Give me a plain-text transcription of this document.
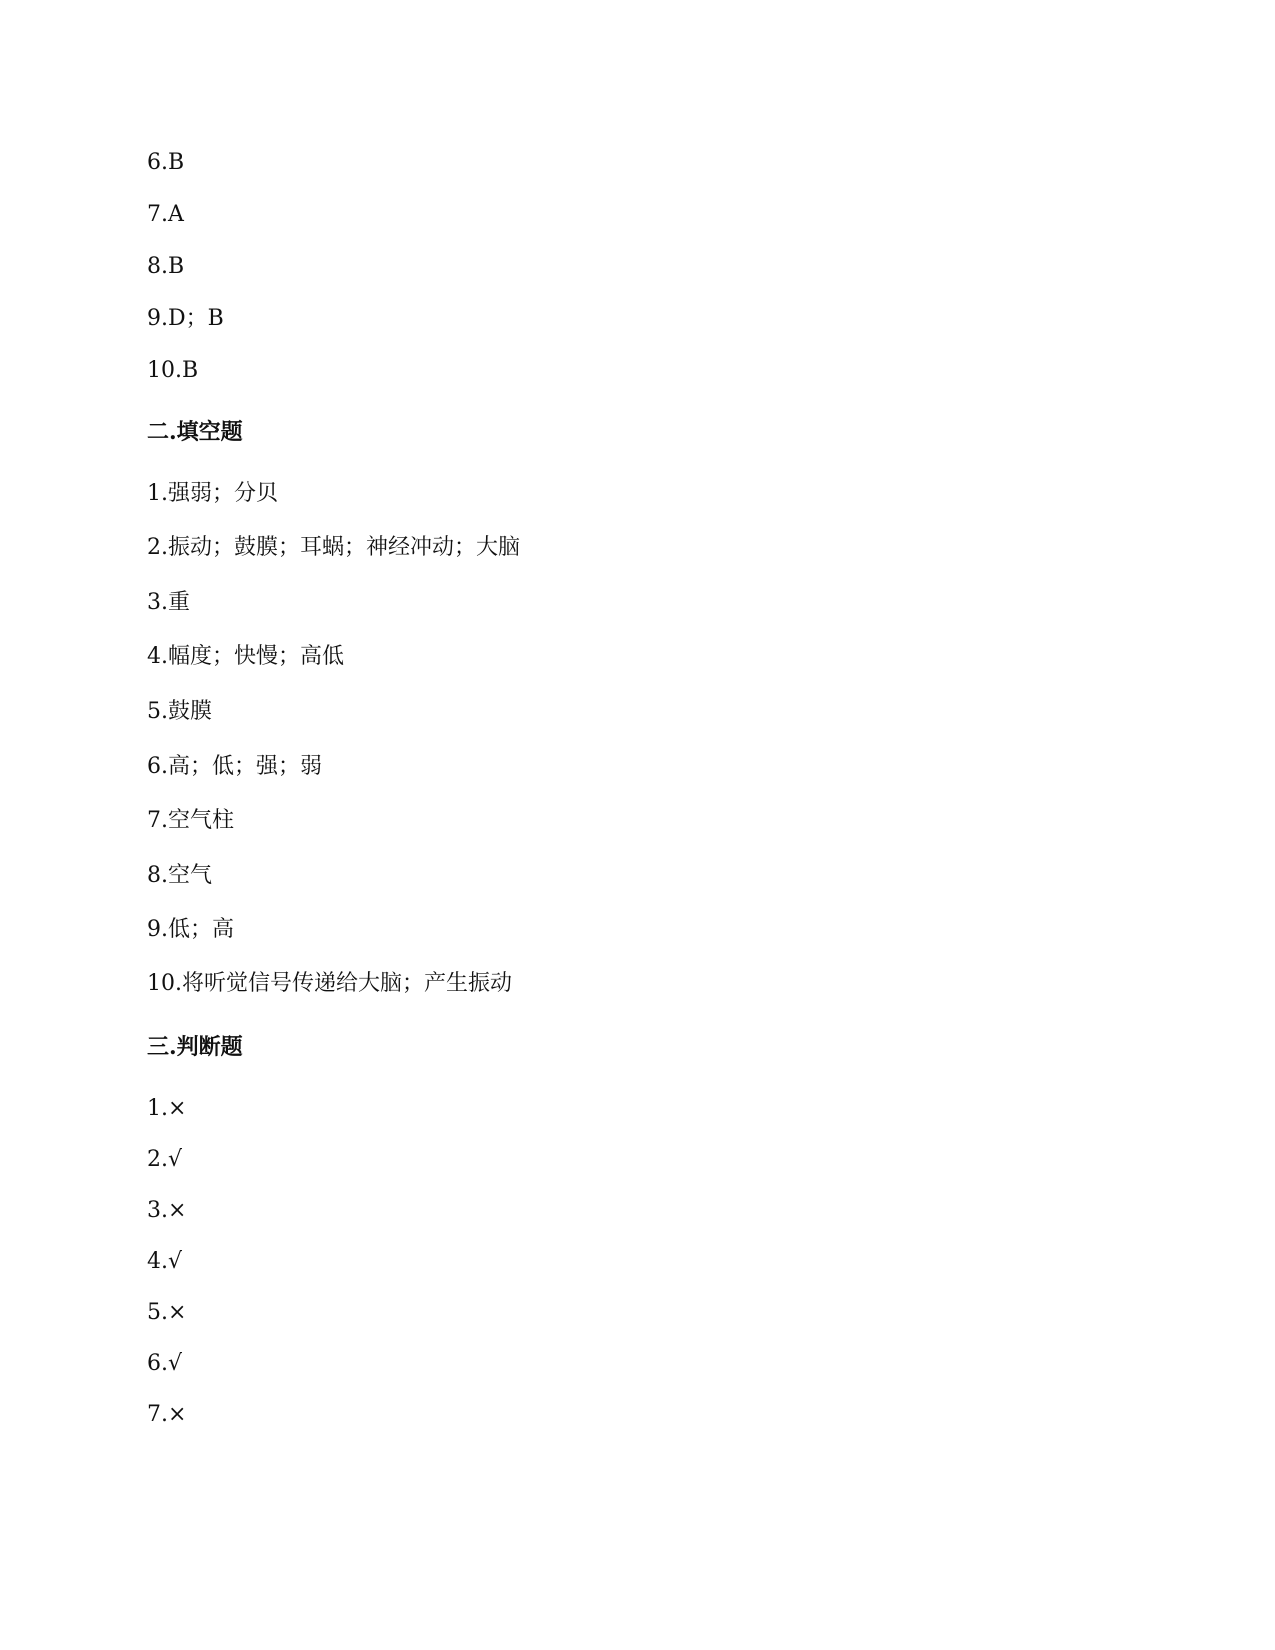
6.B
7.A
8.B
9.D；B
10.B
二.填空题
1.强弱；分贝
2.振动；鼓膜；耳蜗；神经冲动；大脑
3.重
4.幅度；快慢；高低
5.鼓膜
6.高；低；强；弱
7.空气柱
8.空气
9.低；高
10.将听觉信号传递给大脑；产生振动
三.判断题
1.×
2.√
3.×
4.√
5.×
6.√
7.×
